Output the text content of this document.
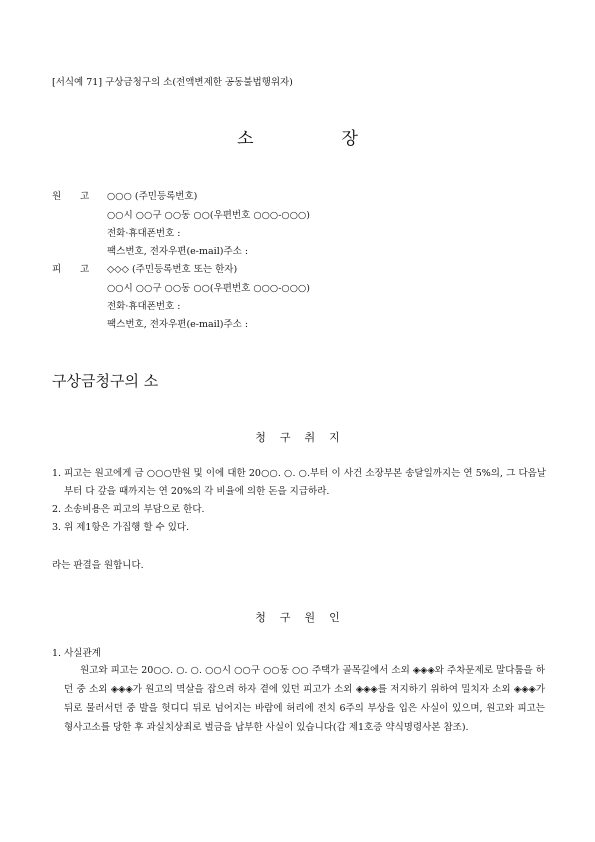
[서식예 71] 구상금청구의 소(전액변제한 공동불법행위자)
소	장
원 고	○○○ (주민등록번호)
○○시 ○○구 ○○동 ○○(우편번호 ○○○-○○○)
전화·휴대폰번호 :
팩스번호, 전자우편(e-mail)주소 :
피 고	◇◇◇ (주민등록번호 또는 한자)
○○시 ○○구 ○○동 ○○(우편번호 ○○○-○○○)
전화·휴대폰번호 :
팩스번호, 전자우편(e-mail)주소 :
구상금청구의 소
청 구 취 지
1. 피고는 원고에게 금 ○○○만원 및 이에 대한 20○○. ○. ○.부터 이 사건 소장부본 송달일까지는 연 5%의, 그 다음날부터 다 갚을 때까지는 연 20%의 각 비율에 의한 돈을 지급하라.
2. 소송비용은 피고의 부담으로 한다.
3. 위 제1항은 가집행 할 수 있다.
라는 판결을 원합니다.
청 구 원 인
1. 사실관계
원고와 피고는 20○○. ○. ○. ○○시 ○○구 ○○동 ○○ 주택가 골목길에서 소외 ◈◈◈와 주차문제로 말다툼을 하던 중 소외 ◈◈◈가 원고의 멱살을 잡으려 하자 곁에 있던 피고가 소외 ◈◈◈를 저지하기 위하여 밀치자 소외 ◈◈◈가 뒤로 물러서던 중 발을 헛디디 뒤로 넘어지는 바람에 허리에 전치 6주의 부상을 입은 사실이 있으며, 원고와 피고는 형사고소를 당한 후 과실치상죄로 벌금을 납부한 사실이 있습니다(갑 제1호증 약식명령사본 참조).
